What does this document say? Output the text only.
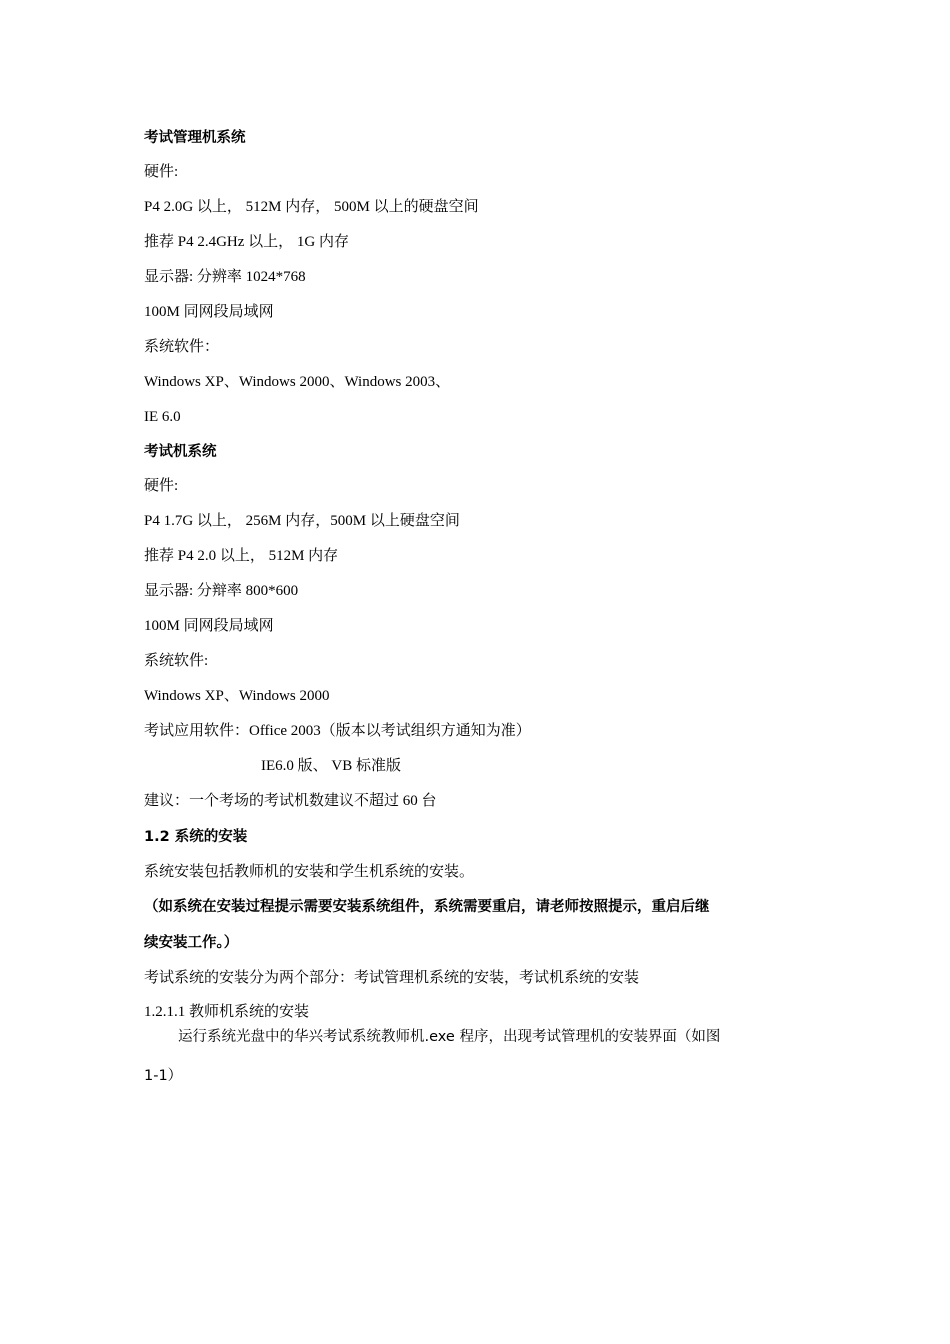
考试管理机系统
硬件:
P4 2.0G 以上， 512M 内存， 500M 以上的硬盘空间
推荐 P4 2.4GHz 以上， 1G 内存
显示器: 分辨率 1024*768
100M 同网段局域网
系统软件：
Windows XP、Windows 2000、Windows 2003、
IE 6.0
考试机系统
硬件:
P4 1.7G 以上， 256M 内存，500M 以上硬盘空间
推荐 P4 2.0 以上， 512M 内存
显示器: 分辩率 800*600
100M 同网段局域网
系统软件:
Windows XP、Windows 2000
考试应用软件：Office 2003（版本以考试组织方通知为准）
IE6.0 版、 VB 标准版
建议：一个考场的考试机数建议不超过 60 台
1.2 系统的安装
系统安装包括教师机的安装和学生机系统的安装。
（如系统在安装过程提示需要安装系统组件，系统需要重启，请老师按照提示，重启后继
续安装工作。）
考试系统的安装分为两个部分：考试管理机系统的安装，考试机系统的安装
1.2.1.1 教师机系统的安装
运行系统光盘中的华兴考试系统教师机.exe 程序，出现考试管理机的安装界面（如图
1-1）
